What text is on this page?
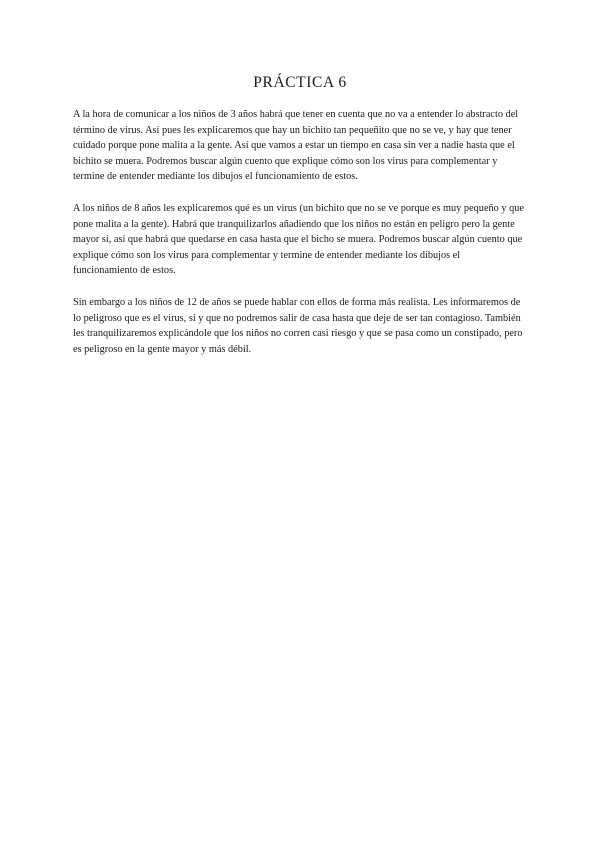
PRÁCTICA 6

A la hora de comunicar a los niños de 3 años habrá que tener en cuenta que no va a entender lo abstracto del término de virus. Así pues les explicaremos que hay un bichito tan pequeñito que no se ve, y hay que tener cuidado porque pone malita a la gente. Así que vamos a estar un tiempo en casa sin ver a nadie hasta que el bichito se muera. Podremos buscar algún cuento que explique cómo son los virus para complementar y termine de entender mediante los dibujos el funcionamiento de estos.

A los niños de 8 años les explicaremos qué es un virus (un bichito que no se ve porque es muy pequeño y que pone malita a la gente). Habrá que tranquilizarlos añadiendo que los niños no están en peligro pero la gente mayor sí, así que habrá que quedarse en casa hasta que el bicho se muera. Podremos buscar algún cuento que explique cómo son los virus para complementar y termine de entender mediante los dibujos el funcionamiento de estos.

Sin embargo a los niños de 12 de años se puede hablar con ellos de forma más realista. Les informaremos de lo peligroso que es el virus, si y que no podremos salir de casa hasta que deje de ser tan contagioso. También les tranquilizaremos explicándole que los niños no corren casi riesgo y que se pasa como un constipado, pero es peligroso en la gente mayor y más débil.
